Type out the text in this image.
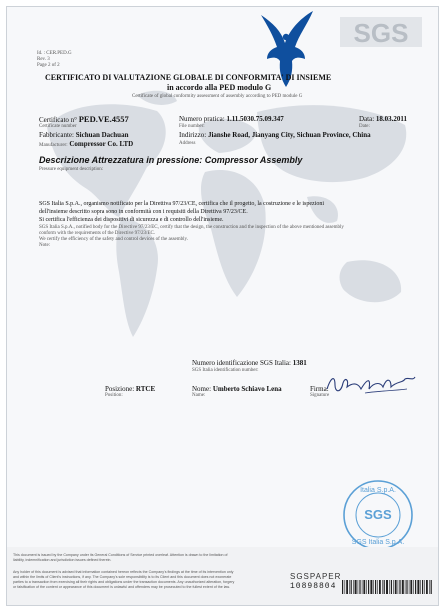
SGS
Id. : CER.PED.G
Rev. 3
Page 2 of 2
CERTIFICATO DI VALUTAZIONE GLOBALE DI CONFORMITA' DI INSIEME
in accordo alla PED modulo G
Certificate of global conformity assessment of assembly according to PED module G
Certificato n° PED.VE.4557
Certificate number
Fabbricante: Sichuan Dachuan
Manufacturer: Compressor Co. LTD
Numero pratica: 1.11.5030.75.09.347
File number:
Indirizzo: Jianshe Road, Jianyang City, Sichuan Province, China
Address
Data: 18.03.2011
Date:
Descrizione Attrezzatura in pressione: Compressor Assembly
Pressure equipment description:
SGS Italia S.p.A., organismo notificato per la Direttiva 97/23/CE, certifica che il progetto, la costruzione e le ispezioni
dell'insieme descritto sopra sono in conformità con i requisiti della Direttiva 97/23/CE.
Si certifica l'efficienza dei dispositivi di sicurezza e di controllo dell'insieme.
SGS Italia S.p.A., notified body for the Directive 97/23/EC, certify that the design, the construction and the inspection of the above mentioned assembly
conform with the requirements of the Directive 97/23/EC.
We certify the efficiency of the safety and control devices of the assembly.
Note:
Numero identificazione SGS Italia: 1381
SGS Italia identification number:
Posizione: RTCE
Position:
Nome: Umberto Schiavo Lena
Name:
Firma:
Signature
Italia S.p.A.
SGS
SGS Italia S.p.A.
This document is issued by the Company under its General Conditions of Service printed overleaf. Attention is drawn to the limitation of
liability, indemnification and jurisdiction issues defined therein.
Any holder of this document is advised that information contained hereon reflects the Company's findings at the time of its intervention only
and within the limits of Client's instructions, if any. The Company's sole responsibility is to its Client and this document does not exonerate
parties to a transaction from exercising all their rights and obligations under the transaction documents. Any unauthorized alteration, forgery
or falsification of the content or appearance of this document is unlawful and offenders may be prosecuted to the fullest extent of the law.
SGSPAPER
10898804
